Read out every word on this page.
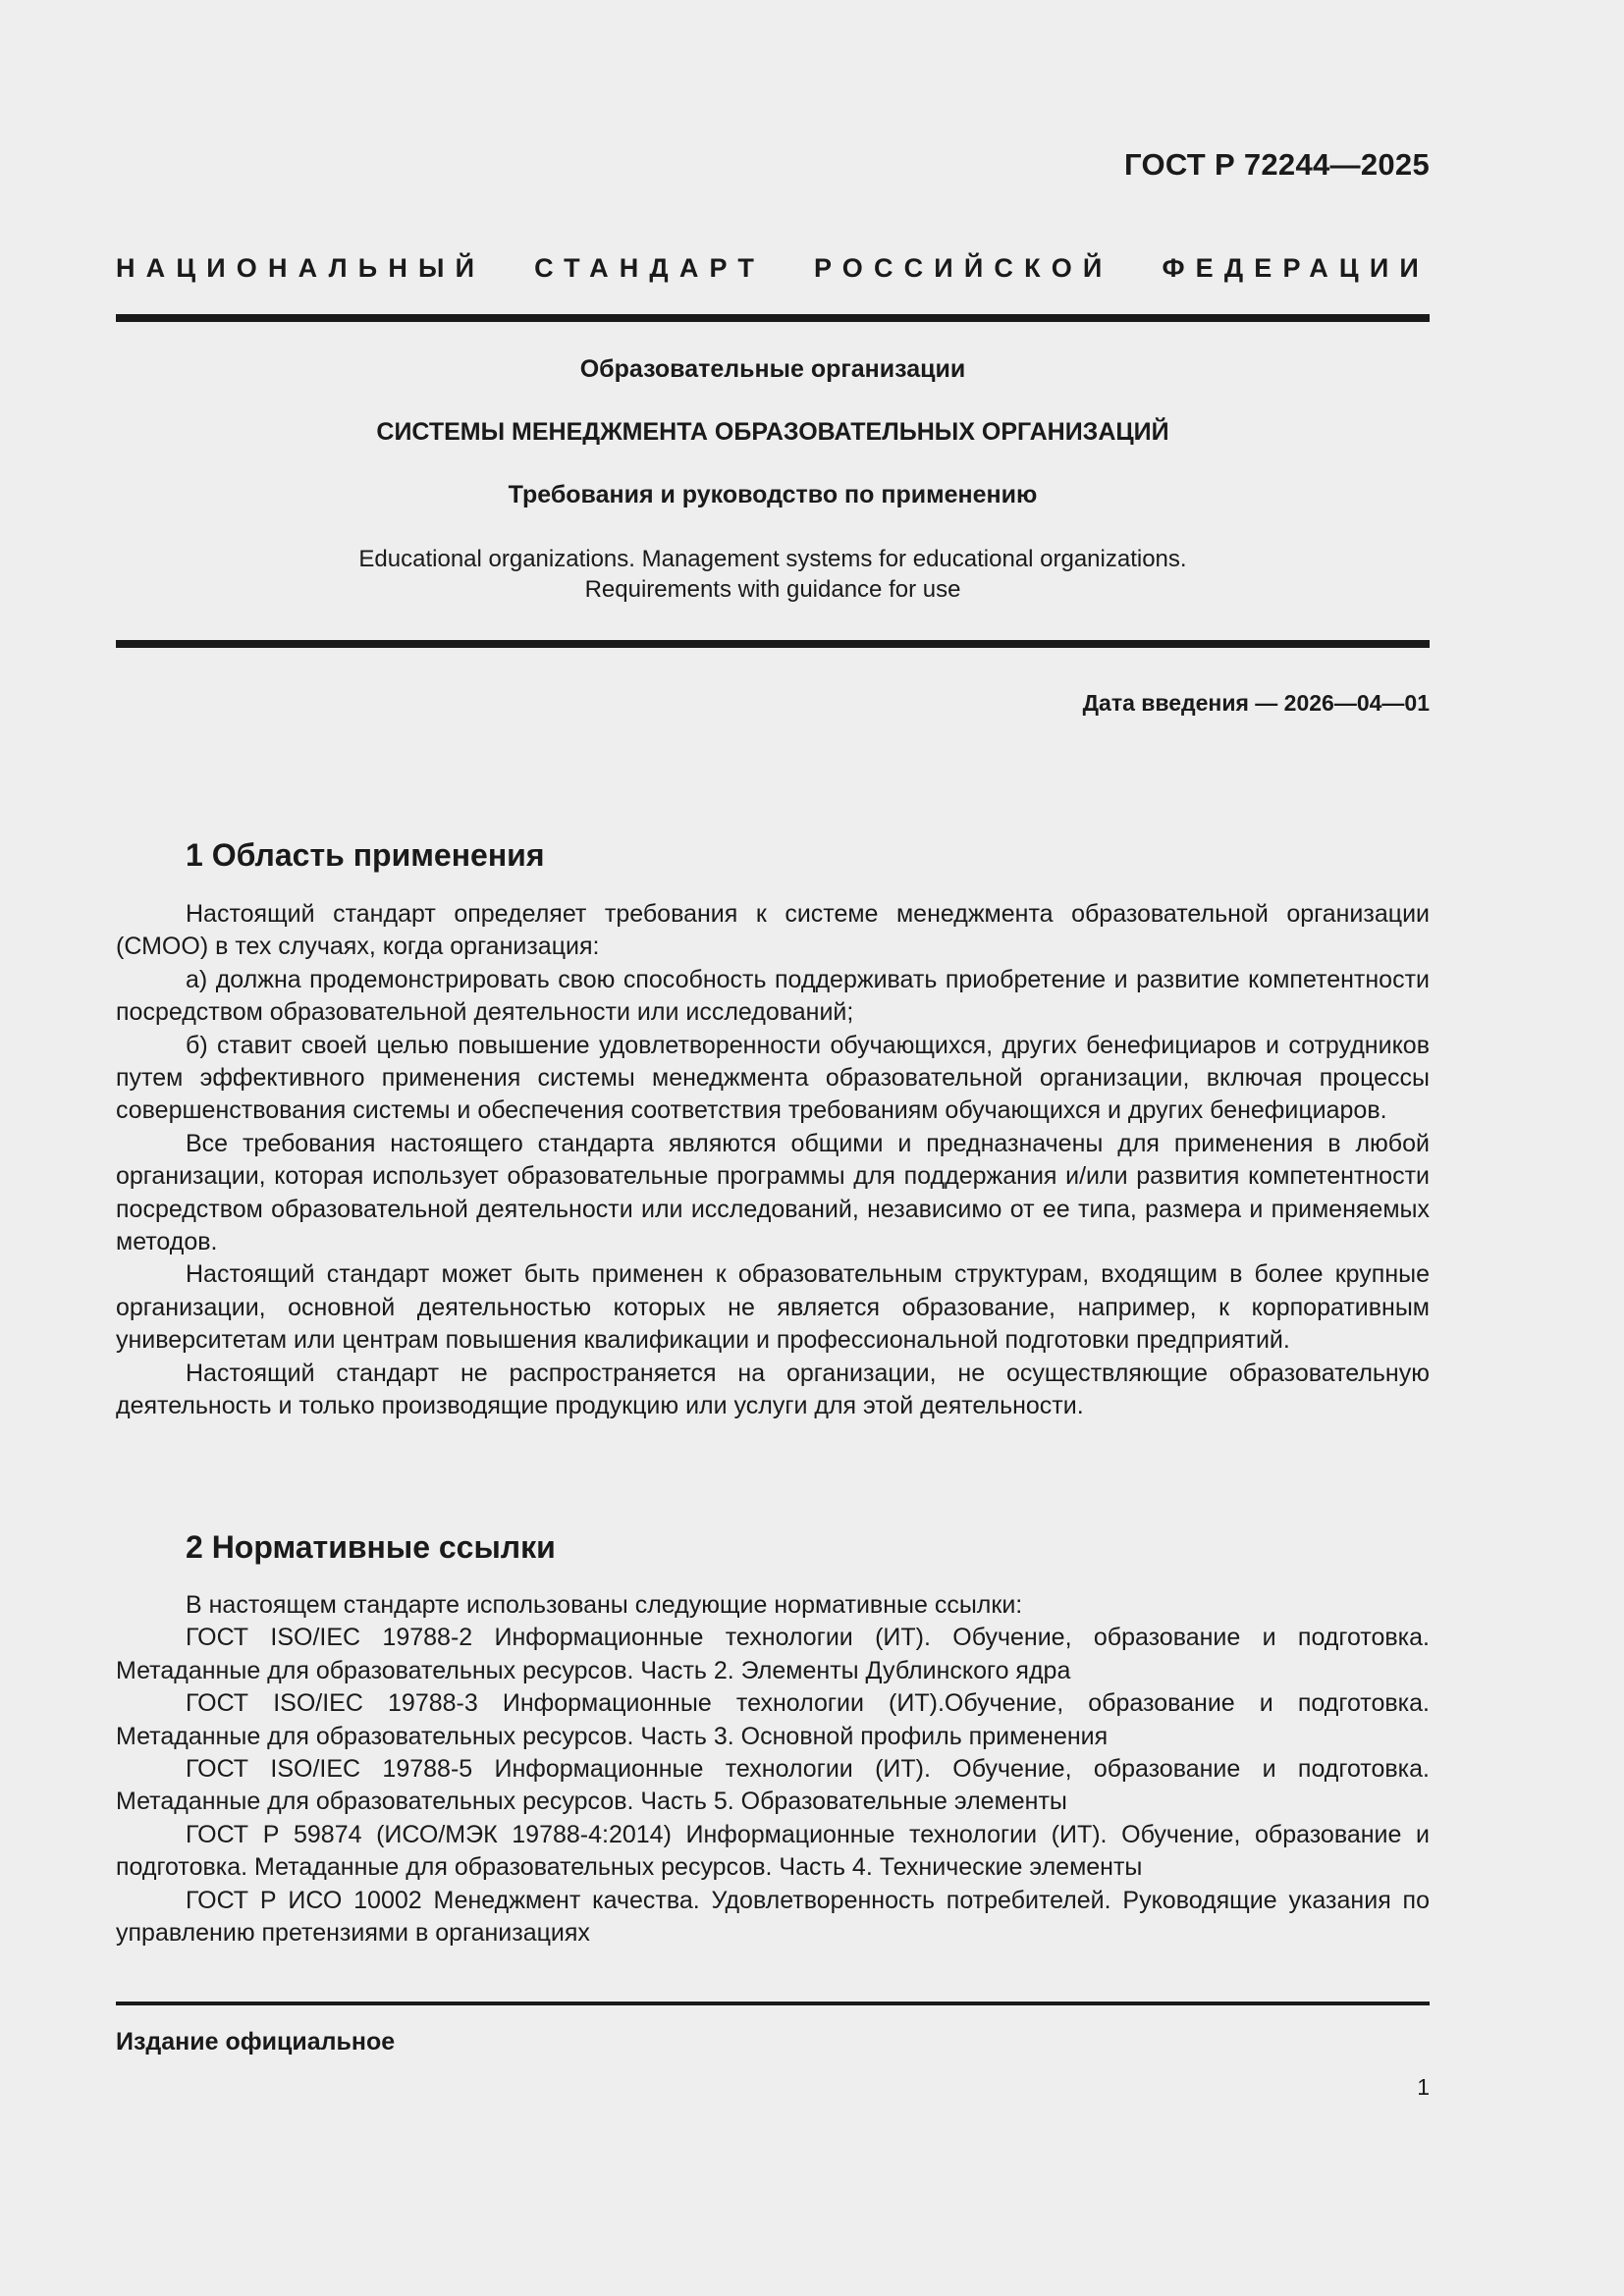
ГОСТ Р 72244—2025
НАЦИОНАЛЬНЫЙ СТАНДАРТ РОССИЙСКОЙ ФЕДЕРАЦИИ

Образовательные организации

СИСТЕМЫ МЕНЕДЖМЕНТА ОБРАЗОВАТЕЛЬНЫХ ОРГАНИЗАЦИЙ

Требования и руководство по применению

Educational organizations. Management systems for educational organizations.
Requirements with guidance for use

Дата введения — 2026—04—01

1 Область применения

Настоящий стандарт определяет требования к системе менеджмента образовательной организации (СМОО) в тех случаях, когда организация:

а) должна продемонстрировать свою способность поддерживать приобретение и развитие компетентности посредством образовательной деятельности или исследований;

б) ставит своей целью повышение удовлетворенности обучающихся, других бенефициаров и сотрудников путем эффективного применения системы менеджмента образовательной организации, включая процессы совершенствования системы и обеспечения соответствия требованиям обучающихся и других бенефициаров.

Все требования настоящего стандарта являются общими и предназначены для применения в любой организации, которая использует образовательные программы для поддержания и/или развития компетентности посредством образовательной деятельности или исследований, независимо от ее типа, размера и применяемых методов.

Настоящий стандарт может быть применен к образовательным структурам, входящим в более крупные организации, основной деятельностью которых не является образование, например, к корпоративным университетам или центрам повышения квалификации и профессиональной подготовки предприятий.

Настоящий стандарт не распространяется на организации, не осуществляющие образовательную деятельность и только производящие продукцию или услуги для этой деятельности.

2 Нормативные ссылки

В настоящем стандарте использованы следующие нормативные ссылки:

ГОСТ ISO/IEC 19788-2 Информационные технологии (ИТ). Обучение, образование и подготовка. Метаданные для образовательных ресурсов. Часть 2. Элементы Дублинского ядра

ГОСТ ISO/IEC 19788-3 Информационные технологии (ИТ).Обучение, образование и подготовка. Метаданные для образовательных ресурсов. Часть 3. Основной профиль применения

ГОСТ ISO/IEC 19788-5 Информационные технологии (ИТ). Обучение, образование и подготовка. Метаданные для образовательных ресурсов. Часть 5. Образовательные элементы

ГОСТ Р 59874 (ИСО/МЭК 19788-4:2014) Информационные технологии (ИТ). Обучение, образование и подготовка. Метаданные для образовательных ресурсов. Часть 4. Технические элементы

ГОСТ Р ИСО 10002 Менеджмент качества. Удовлетворенность потребителей. Руководящие указания по управлению претензиями в организациях

Издание официальное

1
